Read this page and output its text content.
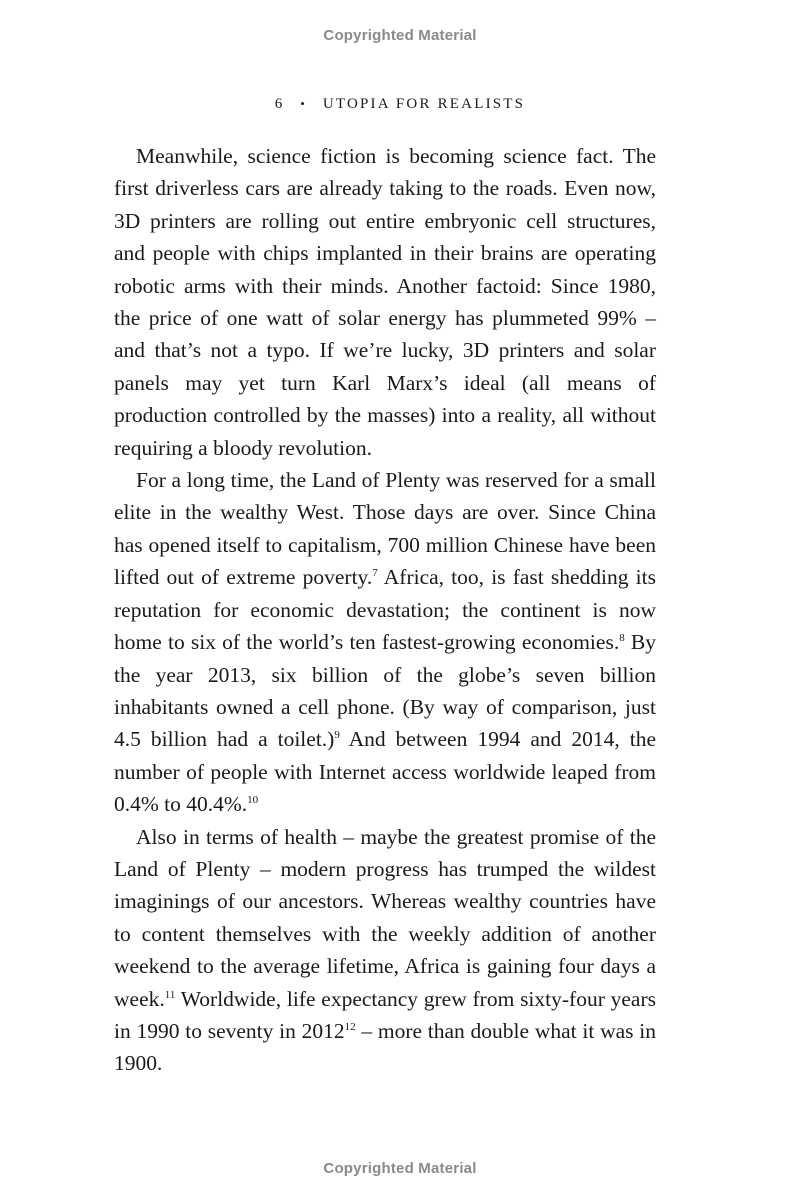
Copyrighted Material
6 • UTOPIA FOR REALISTS

Meanwhile, science fiction is becoming science fact. The first driverless cars are already taking to the roads. Even now, 3D printers are rolling out entire embryonic cell structures, and people with chips implanted in their brains are operating robotic arms with their minds. Another factoid: Since 1980, the price of one watt of solar energy has plummeted 99% – and that’s not a typo. If we’re lucky, 3D printers and solar panels may yet turn Karl Marx’s ideal (all means of production controlled by the masses) into a reality, all without requiring a bloody revolution.

For a long time, the Land of Plenty was reserved for a small elite in the wealthy West. Those days are over. Since China has opened itself to capitalism, 700 million Chinese have been lifted out of extreme poverty.$^7$ Africa, too, is fast shedding its reputation for economic devastation; the continent is now home to six of the world’s ten fastest-growing economies.$^8$ By the year 2013, six billion of the globe’s seven billion inhabitants owned a cell phone. (By way of comparison, just 4.5 billion had a toilet.)$^9$ And between 1994 and 2014, the number of people with Internet access worldwide leaped from 0.4% to 40.4%.$^{10}$

Also in terms of health – maybe the greatest promise of the Land of Plenty – modern progress has trumped the wildest imaginings of our ancestors. Whereas wealthy countries have to content themselves with the weekly addition of another weekend to the average lifetime, Africa is gaining four days a week.$^{11}$ Worldwide, life expectancy grew from sixty-four years in 1990 to seventy in 2012$^{12}$ – more than double what it was in 1900.

Copyrighted Material
